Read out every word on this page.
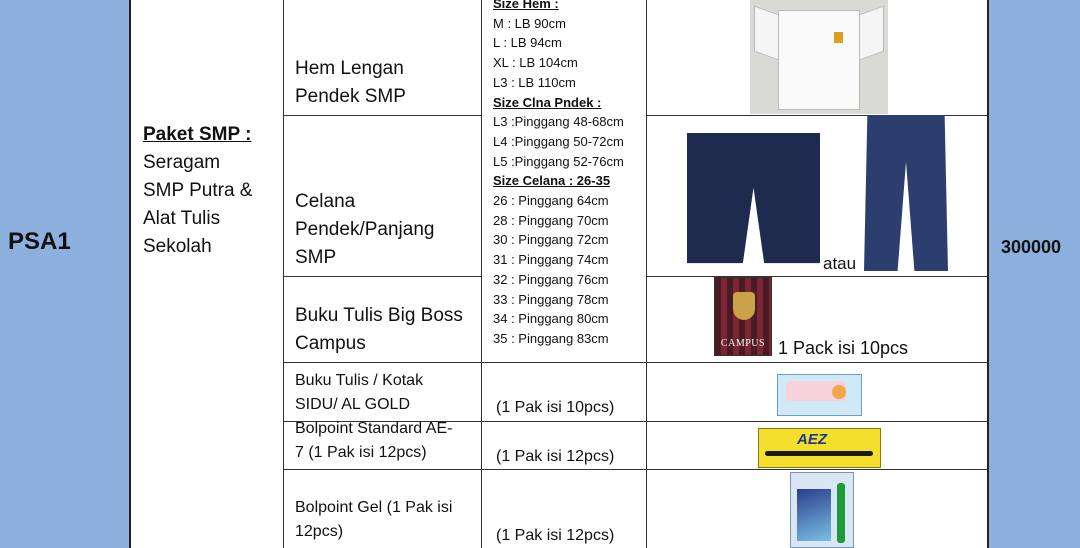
PSA1
Paket SMP :
Seragam
SMP Putra &
Alat Tulis
Sekolah
Hem Lengan
Pendek SMP
Celana
Pendek/Panjang
SMP
Buku Tulis Big Boss
Campus
Buku Tulis / Kotak
SIDU/ AL GOLD
Bolpoint Standard AE-
7 (1 Pak isi 12pcs)
Bolpoint Gel (1 Pak isi
12pcs)
Size Hem :
M : LB 90cm
L : LB 94cm
XL : LB 104cm
L3 : LB 110cm
Size Clna Pndek :
L3 :Pinggang 48-68cm
L4 :Pinggang 50-72cm
L5 :Pinggang 52-76cm
Size Celana : 26-35
26 : Pinggang 64cm
28 : Pinggang 70cm
30 : Pinggang 72cm
31 : Pinggang 74cm
32 : Pinggang 76cm
33 : Pinggang 78cm
34 : Pinggang 80cm
35 : Pinggang 83cm
(1 Pak isi 10pcs)
(1 Pak isi 12pcs)
(1 Pak isi 12pcs)
atau
CAMPUS 1 Pack isi 10pcs
AEZ
300000
